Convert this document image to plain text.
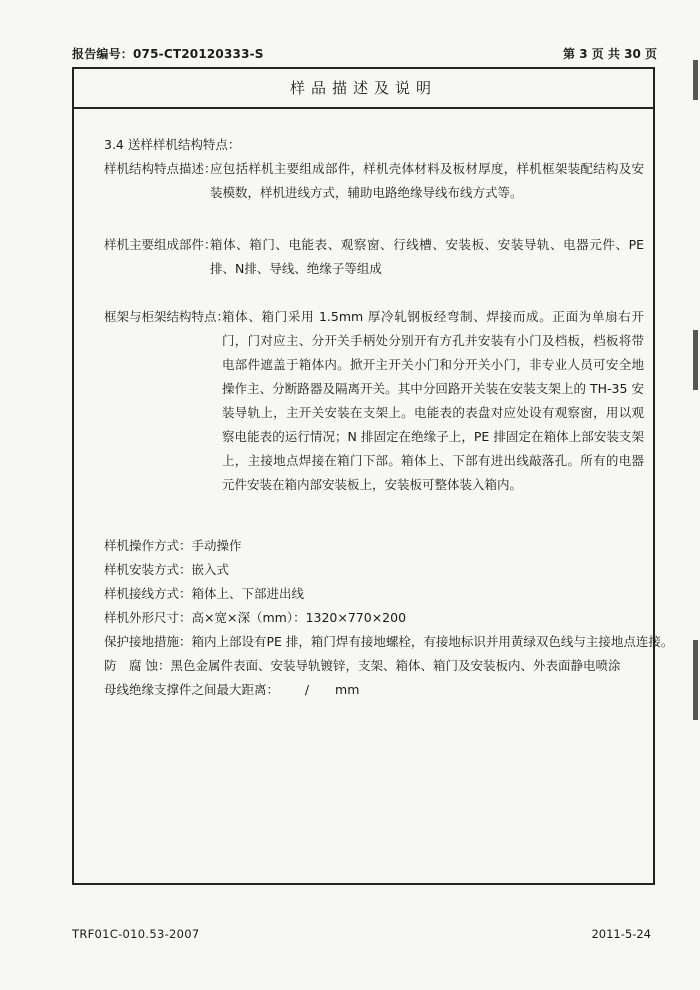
报告编号：075-CT20120333-S	第 3 页 共 30 页
样品描述及说明
3.4 送样样机结构特点：
样机结构特点描述：
应包括样机主要组成部件，样机壳体材料及板材厚度，样机框架装配结构及安装模数，样机进线方式，辅助电路绝缘导线布线方式等。
样机主要组成部件：
箱体、箱门、电能表、观察窗、行线槽、安装板、安装导轨、电器元件、PE 排、N排、导线、绝缘子等组成
框架与柜架结构特点：
箱体、箱门采用 1.5mm 厚冷轧钢板经弯制、焊接而成。正面为单扇右开门，门对应主、分开关手柄处分别开有方孔并安装有小门及档板，档板将带电部件遮盖于箱体内。掀开主开关小门和分开关小门，非专业人员可安全地操作主、分断路器及隔离开关。其中分回路开关装在安装支架上的 TH-35 安装导轨上，主开关安装在支架上。电能表的表盘对应处设有观察窗，用以观察电能表的运行情况；N 排固定在绝缘子上，PE 排固定在箱体上部安装支架上，主接地点焊接在箱门下部。箱体上、下部有进出线敲落孔。所有的电器元件安装在箱内部安装板上，安装板可整体装入箱内。
样机操作方式：手动操作
样机安装方式：嵌入式
样机接线方式：箱体上、下部进出线
样机外形尺寸：高×宽×深（mm）：1320×770×200
保护接地措施：箱内上部设有PE 排，箱门焊有接地螺栓，有接地标识并用黄绿双色线与主接地点连接。
防　腐 蚀：黑色金属件表面、安装导轨镀锌，支架、箱体、箱门及安装板内、外表面静电喷涂
母线绝缘支撑件之间最大距离： / mm
TRF01C-010.53-2007	2011-5-24
